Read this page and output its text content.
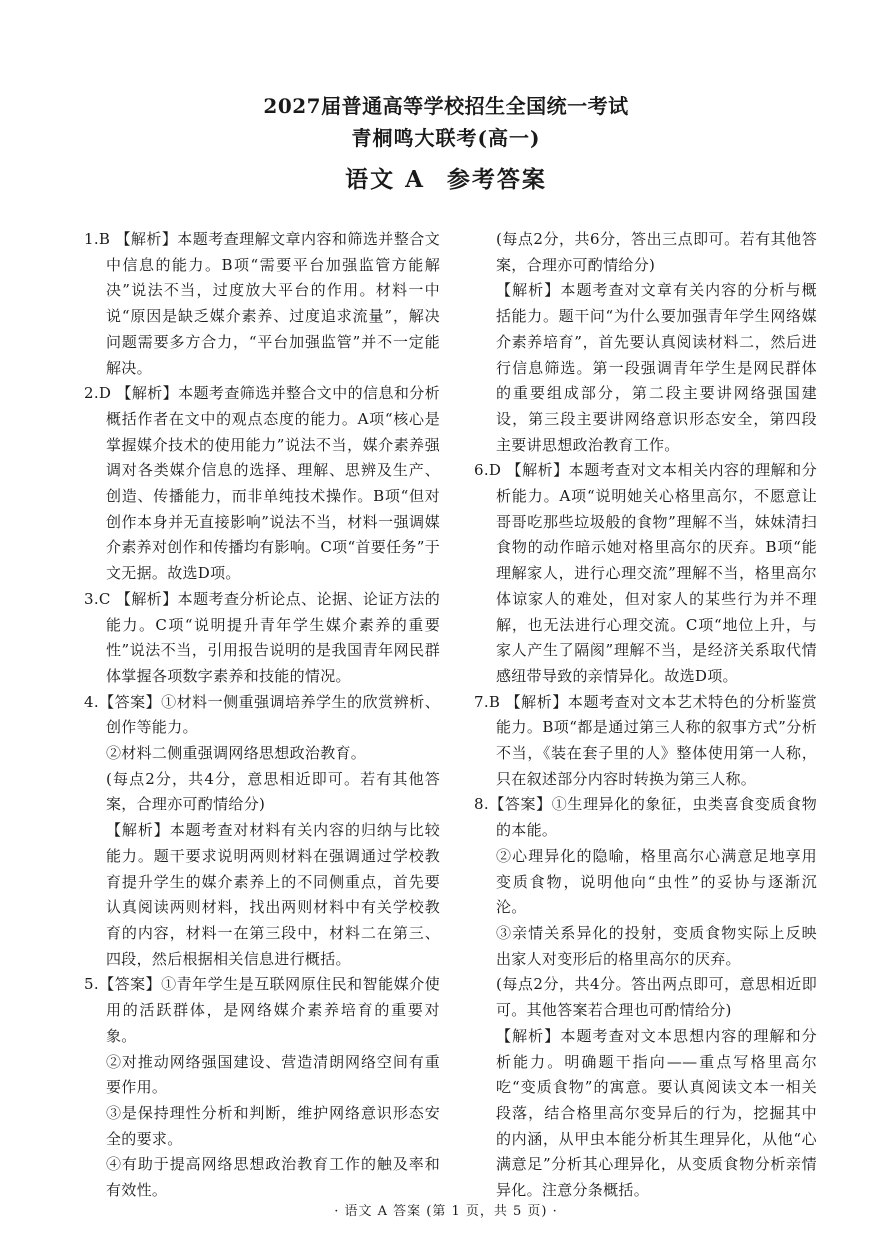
2027届普通高等学校招生全国统一考试
青桐鸣大联考(高一)
语文 A 参考答案

1.B 【解析】本题考查理解文章内容和筛选并整合文中信息的能力。B项“需要平台加强监管方能解决”说法不当，过度放大平台的作用。材料一中说“原因是缺乏媒介素养、过度追求流量”，解决问题需要多方合力，“平台加强监管”并不一定能解决。

2.D 【解析】本题考查筛选并整合文中的信息和分析概括作者在文中的观点态度的能力。A项“核心是掌握媒介技术的使用能力”说法不当，媒介素养强调对各类媒介信息的选择、理解、思辨及生产、创造、传播能力，而非单纯技术操作。B项“但对创作本身并无直接影响”说法不当，材料一强调媒介素养对创作和传播均有影响。C项“首要任务”于文无据。故选D项。

3.C 【解析】本题考查分析论点、论据、论证方法的能力。C项“说明提升青年学生媒介素养的重要性”说法不当，引用报告说明的是我国青年网民群体掌握各项数字素养和技能的情况。

4.【答案】①材料一侧重强调培养学生的欣赏辨析、创作等能力。

②材料二侧重强调网络思想政治教育。

(每点2分，共4分，意思相近即可。若有其他答案，合理亦可酌情给分)

【解析】本题考查对材料有关内容的归纳与比较能力。题干要求说明两则材料在强调通过学校教育提升学生的媒介素养上的不同侧重点，首先要认真阅读两则材料，找出两则材料中有关学校教育的内容，材料一在第三段中，材料二在第三、四段，然后根据相关信息进行概括。

5.【答案】①青年学生是互联网原住民和智能媒介使用的活跃群体，是网络媒介素养培育的重要对象。

②对推动网络强国建设、营造清朗网络空间有重要作用。

③是保持理性分析和判断，维护网络意识形态安全的要求。

④有助于提高网络思想政治教育工作的触及率和有效性。

(每点2分，共6分，答出三点即可。若有其他答案，合理亦可酌情给分)

【解析】本题考查对文章有关内容的分析与概括能力。题干问“为什么要加强青年学生网络媒介素养培育”，首先要认真阅读材料二，然后进行信息筛选。第一段强调青年学生是网民群体的重要组成部分，第二段主要讲网络强国建设，第三段主要讲网络意识形态安全，第四段主要讲思想政治教育工作。

6.D 【解析】本题考查对文本相关内容的理解和分析能力。A项“说明她关心格里高尔，不愿意让哥哥吃那些垃圾般的食物”理解不当，妹妹清扫食物的动作暗示她对格里高尔的厌弃。B项“能理解家人，进行心理交流”理解不当，格里高尔体谅家人的难处，但对家人的某些行为并不理解，也无法进行心理交流。C项“地位上升，与家人产生了隔阂”理解不当，是经济关系取代情感纽带导致的亲情异化。故选D项。

7.B 【解析】本题考查对文本艺术特色的分析鉴赏能力。B项“都是通过第三人称的叙事方式”分析不当，《装在套子里的人》整体使用第一人称，只在叙述部分内容时转换为第三人称。

8.【答案】①生理异化的象征，虫类喜食变质食物的本能。

②心理异化的隐喻，格里高尔心满意足地享用变质食物，说明他向“虫性”的妥协与逐渐沉沦。

③亲情关系异化的投射，变质食物实际上反映出家人对变形后的格里高尔的厌弃。

(每点2分，共4分。答出两点即可，意思相近即可。其他答案若合理也可酌情给分)

【解析】本题考查对文本思想内容的理解和分析能力。明确题干指向——重点写格里高尔吃“变质食物”的寓意。要认真阅读文本一相关段落，结合格里高尔变异后的行为，挖掘其中的内涵，从甲虫本能分析其生理异化，从他“心满意足”分析其心理异化，从变质食物分析亲情异化。注意分条概括。

· 语文 A 答案 (第 1 页，共 5 页) ·
